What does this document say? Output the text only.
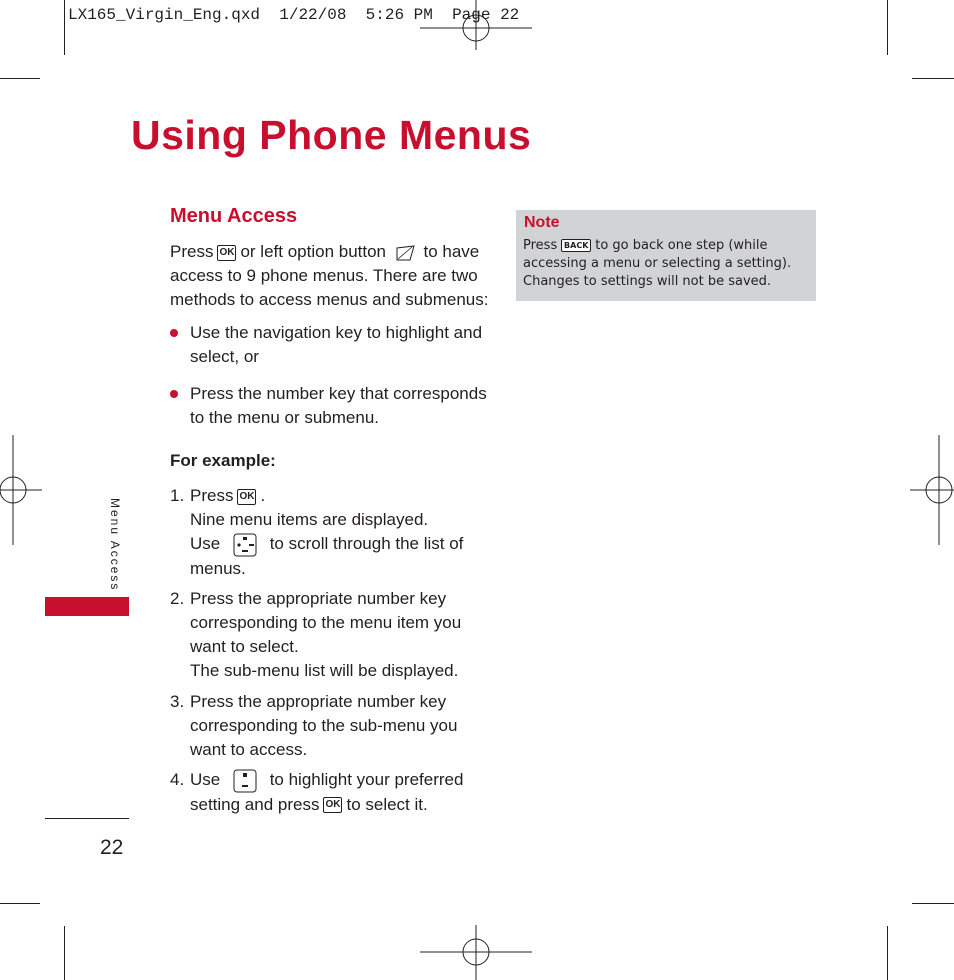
LX165_Virgin_Eng.qxd  1/22/08  5:26 PM  Page 22
Using Phone Menus
Menu Access
Press OK or left option button to have access to 9 phone menus. There are two methods to access menus and submenus:
Use the navigation key to highlight and select, or
Press the number key that corresponds to the menu or submenu.
For example:
1. Press OK .
Nine menu items are displayed.
Use	to scroll through the list of menus.
2. Press the appropriate number key corresponding to the menu item you want to select.
The sub-menu list will be displayed.
3. Press the appropriate number key corresponding to the sub-menu you want to access.
4. Use	to highlight your preferred setting and press OK to select it.
Note
Press BACK to go back one step (while accessing a menu or selecting a setting). Changes to settings will not be saved.
Menu Access
22
